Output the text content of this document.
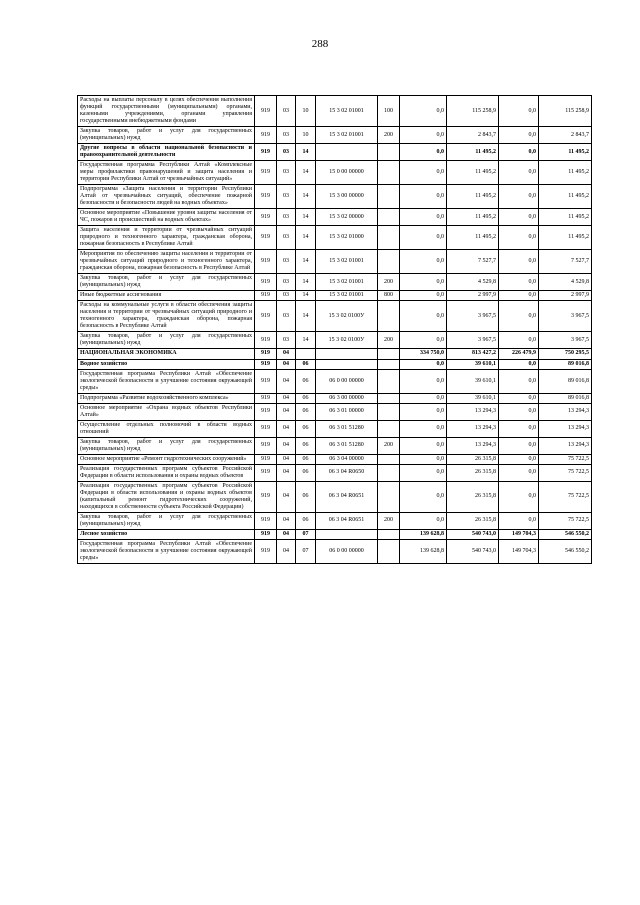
288
Расходы на выплаты персоналу в целях обеспечения выполнения функций государственными (муниципальными) органами, казенными учреждениями, органами управления государственными внебюджетными фондами	919	03	10	15 3 02 01001	100	0,0	115 258,9	0,0	115 258,9
Закупка товаров, работ и услуг для государственных (муниципальных) нужд	919	03	10	15 3 02 01001	200	0,0	2 843,7	0,0	2 843,7
Другие вопросы в области национальной безопасности и правоохранительной деятельности	919	03	14			0,0	11 495,2	0,0	11 495,2
Государственная программа Республики Алтай «Комплексные меры профилактики правонарушений и защита населения и территории Республики Алтай от чрезвычайных ситуаций»	919	03	14	15 0 00 00000		0,0	11 495,2	0,0	11 495,2
Подпрограмма «Защита населения и территории Республики Алтай от чрезвычайных ситуаций, обеспечение пожарной безопасности и безопасности людей на водных объектах»	919	03	14	15 3 00 00000		0,0	11 495,2	0,0	11 495,2
Основное мероприятие «Повышение уровня защиты населения от ЧС, пожаров и происшествий на водных объектах»	919	03	14	15 3 02 00000		0,0	11 495,2	0,0	11 495,2
Защита населения и территории от чрезвычайных ситуаций природного и техногенного характера, гражданская оборона, пожарная безопасность в Республике Алтай	919	03	14	15 3 02 01000		0,0	11 495,2	0,0	11 495,2
Мероприятия по обеспечению защиты населения и территории от чрезвычайных ситуаций природного и техногенного характера, гражданская оборона, пожарная безопасность в Республике Алтай	919	03	14	15 3 02 01001		0,0	7 527,7	0,0	7 527,7
Закупка товаров, работ и услуг для государственных (муниципальных) нужд	919	03	14	15 3 02 01001	200	0,0	4 529,8	0,0	4 529,8
Иные бюджетные ассигнования	919	03	14	15 3 02 01001	800	0,0	2 997,9	0,0	2 997,9
Расходы на коммунальные услуги в области обеспечения защиты населения и территории от чрезвычайных ситуаций природного и техногенного характера, гражданская оборона, пожарная безопасность в Республике Алтай	919	03	14	15 3 02 0100У		0,0	3 967,5	0,0	3 967,5
Закупка товаров, работ и услуг для государственных (муниципальных) нужд	919	03	14	15 3 02 0100У	200	0,0	3 967,5	0,0	3 967,5
НАЦИОНАЛЬНАЯ ЭКОНОМИКА	919	04				334 750,0	813 427,2	226 479,9	750 295,5
Водное хозяйство	919	04	06			0,0	39 610,1	0,0	89 016,8
Государственная программа Республики Алтай «Обеспечение экологической безопасности и улучшение состояния окружающей среды»	919	04	06	06 0 00 00000		0,0	39 610,1	0,0	89 016,8
Подпрограмма «Развитие водохозяйственного комплекса»	919	04	06	06 3 00 00000		0,0	39 610,1	0,0	89 016,8
Основное мероприятие «Охрана водных объектов Республики Алтай»	919	04	06	06 3 01 00000		0,0	13 294,3	0,0	13 294,3
Осуществление отдельных полномочий в области водных отношений	919	04	06	06 3 01 51280		0,0	13 294,3	0,0	13 294,3
Закупка товаров, работ и услуг для государственных (муниципальных) нужд	919	04	06	06 3 01 51280	200	0,0	13 294,3	0,0	13 294,3
Основное мероприятие «Ремонт гидротехнических сооружений»	919	04	06	06 3 04 00000		0,0	26 315,8	0,0	75 722,5
Реализация государственных программ субъектов Российской Федерации в области использования и охраны водных объектов	919	04	06	06 3 04 R0650		0,0	26 315,8	0,0	75 722,5
Реализация государственных программ субъектов Российской Федерации в области использования и охраны водных объектов (капитальный ремонт гидротехнических сооружений, находящихся в собственности субъекта Российской Федерации)	919	04	06	06 3 04 R0651		0,0	26 315,8	0,0	75 722,5
Закупка товаров, работ и услуг для государственных (муниципальных) нужд	919	04	06	06 3 04 R0651	200	0,0	26 315,8	0,0	75 722,5
Лесное хозяйство	919	04	07			139 628,8	540 743,0	149 704,3	546 550,2
Государственная программа Республики Алтай «Обеспечение экологической безопасности и улучшение состояния окружающей среды»	919	04	07	06 0 00 00000		139 628,8	540 743,0	149 704,3	546 550,2
